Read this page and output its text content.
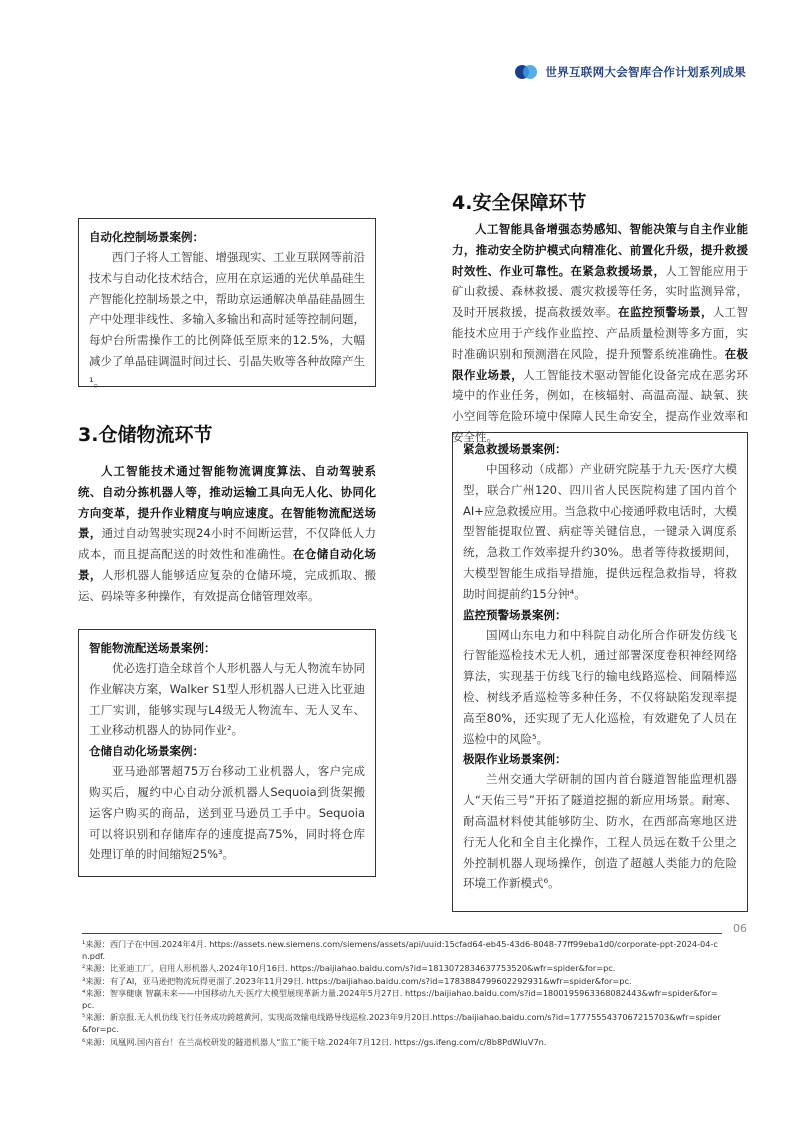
世界互联网大会智库合作计划系列成果
自动化控制场景案例：

西门子将人工智能、增强现实、工业互联网等前沿技术与自动化技术结合，应用在京运通的光伏单晶硅生产智能化控制场景之中，帮助京运通解决单晶硅晶圆生产中处理非线性、多输入多输出和高时延等控制问题，每炉台所需操作工的比例降低至原来的12.5%，大幅减少了单晶硅调温时间过长、引晶失败等各种故障产生¹。

3.仓储物流环节

人工智能技术通过智能物流调度算法、自动驾驶系统、自动分拣机器人等，推动运输工具向无人化、协同化方向变革，提升作业精度与响应速度。在智能物流配送场景，通过自动驾驶实现24小时不间断运营，不仅降低人力成本，而且提高配送的时效性和准确性。在仓储自动化场景，人形机器人能够适应复杂的仓储环境，完成抓取、搬运、码垛等多种操作，有效提高仓储管理效率。

智能物流配送场景案例：

优必选打造全球首个人形机器人与无人物流车协同作业解决方案，Walker S1型人形机器人已进入比亚迪工厂实训，能够实现与L4级无人物流车、无人叉车、工业移动机器人的协同作业²。

仓储自动化场景案例：

亚马逊部署超75万台移动工业机器人，客户完成购买后，履约中心自动分派机器人Sequoia到货架搬运客户购买的商品，送到亚马逊员工手中。Sequoia可以将识别和存储库存的速度提高75%，同时将仓库处理订单的时间缩短25%³。

4.安全保障环节

人工智能具备增强态势感知、智能决策与自主作业能力，推动安全防护模式向精准化、前置化升级，提升救援时效性、作业可靠性。在紧急救援场景，人工智能应用于矿山救援、森林救援、震灾救援等任务，实时监测异常，及时开展救援，提高救援效率。在监控预警场景，人工智能技术应用于产线作业监控、产品质量检测等多方面，实时准确识别和预测潜在风险，提升预警系统准确性。在极限作业场景，人工智能技术驱动智能化设备完成在恶劣环境中的作业任务，例如，在核辐射、高温高湿、缺氧、狭小空间等危险环境中保障人民生命安全，提高作业效率和安全性。

紧急救援场景案例：

中国移动（成都）产业研究院基于九天·医疗大模型，联合广州120、四川省人民医院构建了国内首个AI+应急救援应用。当急救中心接通呼救电话时，大模型智能提取位置、病症等关键信息，一键录入调度系统，急救工作效率提升约30%。患者等待救援期间，大模型智能生成指导措施，提供远程急救指导，将救助时间提前约15分钟⁴。

监控预警场景案例：

国网山东电力和中科院自动化所合作研发仿线飞行智能巡检技术无人机，通过部署深度卷积神经网络算法，实现基于仿线飞行的输电线路巡检、间隔棒巡检、树线矛盾巡检等多种任务，不仅将缺陷发现率提高至80%，还实现了无人化巡检，有效避免了人员在巡检中的风险⁵。

极限作业场景案例：

兰州交通大学研制的国内首台隧道智能监理机器人“天佑三号”开拓了隧道挖掘的新应用场景。耐寒、耐高温材料使其能够防尘、防水，在西部高寒地区进行无人化和全自主化操作，工程人员远在数千公里之外控制机器人现场操作，创造了超越人类能力的危险环境工作新模式⁶。

06

¹来源：西门子在中国.2024年4月. https://assets.new.siemens.com/siemens/assets/api/uuid:15cfad64-eb45-43d6-8048-77ff99eba1d0/corporate-ppt-2024-04-cn.pdf.

²来源：比亚迪工厂，启用人形机器人.2024年10月16日. https://baijiahao.baidu.com/s?id=1813072834637753520&wfr=spider&for=pc.

³来源：有了AI，亚马逊把物流玩得更溜了.2023年11月29日. https://baijiahao.baidu.com/s?id=1783884799602292931&wfr=spider&for=pc.

⁴来源：智享健康 智赢未来——中国移动九天·医疗大模型展现革新力量.2024年5月27日. https://baijiahao.baidu.com/s?id=1800195963368082443&wfr=spider&for=pc.

⁵来源：新京报.无人机仿线飞行任务成功跨越黄河，实现高效输电线路导线巡检.2023年9月20日.https://baijiahao.baidu.com/s?id=1777555437067215703&wfr=spider&for=pc.

⁶来源：凤凰网.国内首台！在兰高校研发的隧道机器人“监工”能干啥.2024年7月12日. https://gs.ifeng.com/c/8b8PdWluV7n.
